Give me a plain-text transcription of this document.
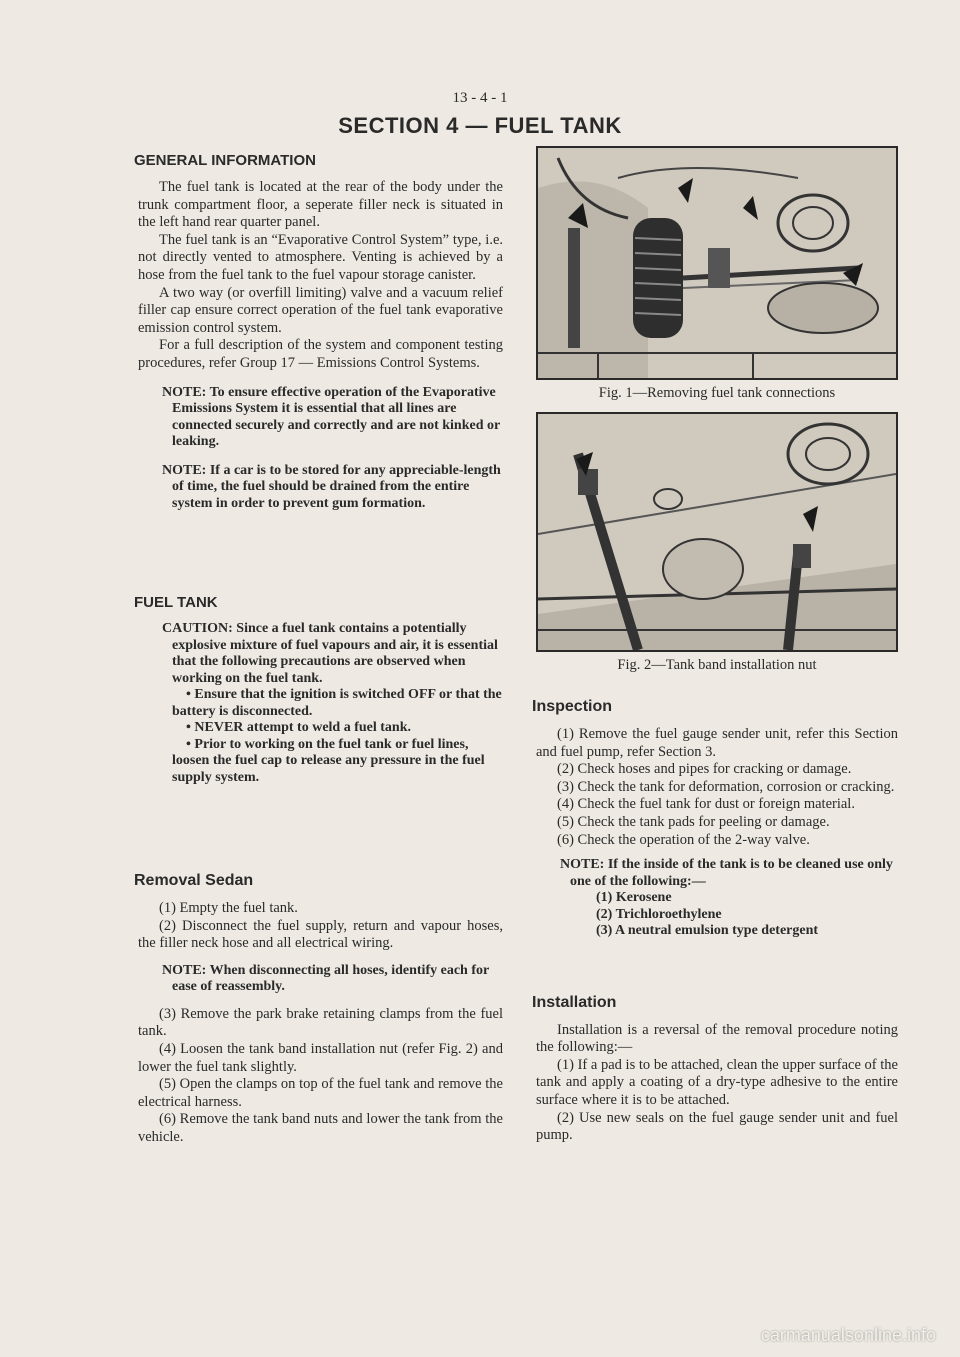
13 - 4 - 1
SECTION 4 — FUEL TANK
GENERAL INFORMATION

The fuel tank is located at the rear of the body under the trunk compartment floor, a seperate filler neck is situated in the left hand rear quarter panel.

The fuel tank is an “Evaporative Control System” type, i.e. not directly vented to atmosphere. Venting is achieved by a hose from the fuel tank to the fuel vapour storage canister.

A two way (or overfill limiting) valve and a vacuum relief filler cap ensure correct operation of the fuel tank evaporative emission control system.

For a full description of the system and component testing procedures, refer Group 17 — Emissions Control Systems.

NOTE: To ensure effective operation of the Evaporative Emissions System it is essential that all lines are connected securely and correctly and are not kinked or leaking.
NOTE: If a car is to be stored for any appreciable-length of time, the fuel should be drained from the entire system in order to prevent gum formation.
FUEL TANK
CAUTION: Since a fuel tank contains a potentially explosive mixture of fuel vapours and air, it is essential that the following precautions are observed when working on the fuel tank.
• Ensure that the ignition is switched OFF or that the battery is disconnected.
• NEVER attempt to weld a fuel tank.
• Prior to working on the fuel tank or fuel lines, loosen the fuel cap to release any pressure in the fuel supply system.
Removal Sedan

(1) Empty the fuel tank.

(2) Disconnect the fuel supply, return and vapour hoses, the filler neck hose and all electrical wiring.

NOTE: When disconnecting all hoses, identify each for ease of reassembly.

(3) Remove the park brake retaining clamps from the fuel tank.

(4) Loosen the tank band installation nut (refer Fig. 2) and lower the fuel tank slightly.

(5) Open the clamps on top of the fuel tank and remove the electrical harness.

(6) Remove the tank band nuts and lower the tank from the vehicle.

Fig. 1—Removing fuel tank connections
Fig. 2—Tank band installation nut
Inspection

(1) Remove the fuel gauge sender unit, refer this Section and fuel pump, refer Section 3.

(2) Check hoses and pipes for cracking or damage.

(3) Check the tank for deformation, corrosion or cracking.

(4) Check the fuel tank for dust or foreign material.

(5) Check the tank pads for peeling or damage.

(6) Check the operation of the 2-way valve.

NOTE: If the inside of the tank is to be cleaned use only one of the following:—
(1) Kerosene
(2) Trichloroethylene
(3) A neutral emulsion type detergent
Installation

Installation is a reversal of the removal procedure noting the following:—

(1) If a pad is to be attached, clean the upper surface of the tank and apply a coating of a dry-type adhesive to the entire surface where it is to be attached.

(2) Use new seals on the fuel gauge sender unit and fuel pump.

carmanualsonline.info
